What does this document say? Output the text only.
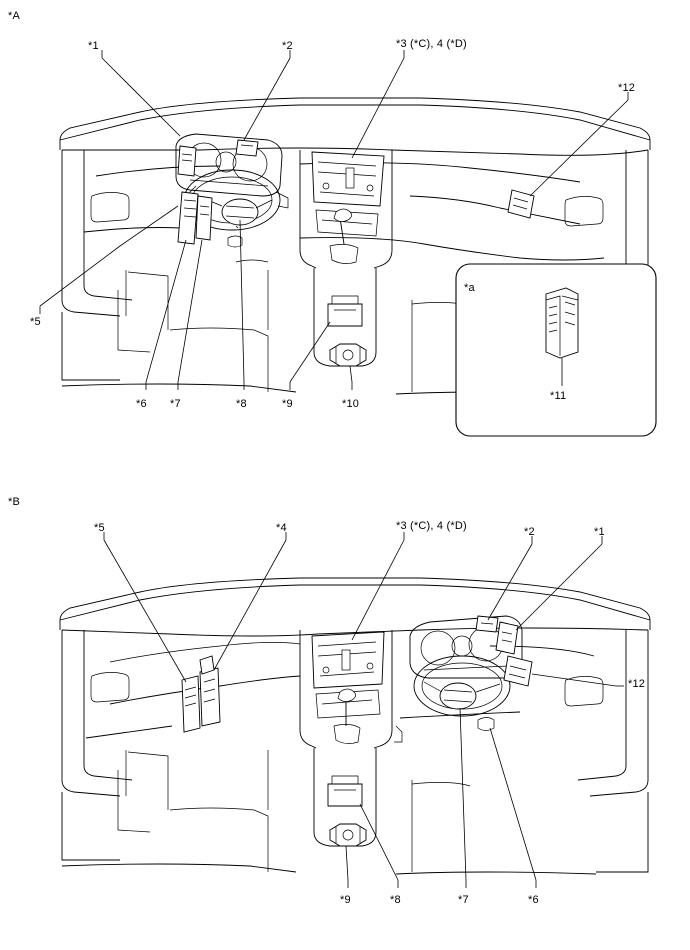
*A
*1	*2	*3 (*C), 4 (*D)
*12
*5
*6 *7	*8	*9	*10
*a
*11
*B
*5	*4	*3 (*C), 4 (*D)	*2	*1
*12
*9	*8	*7	*6
